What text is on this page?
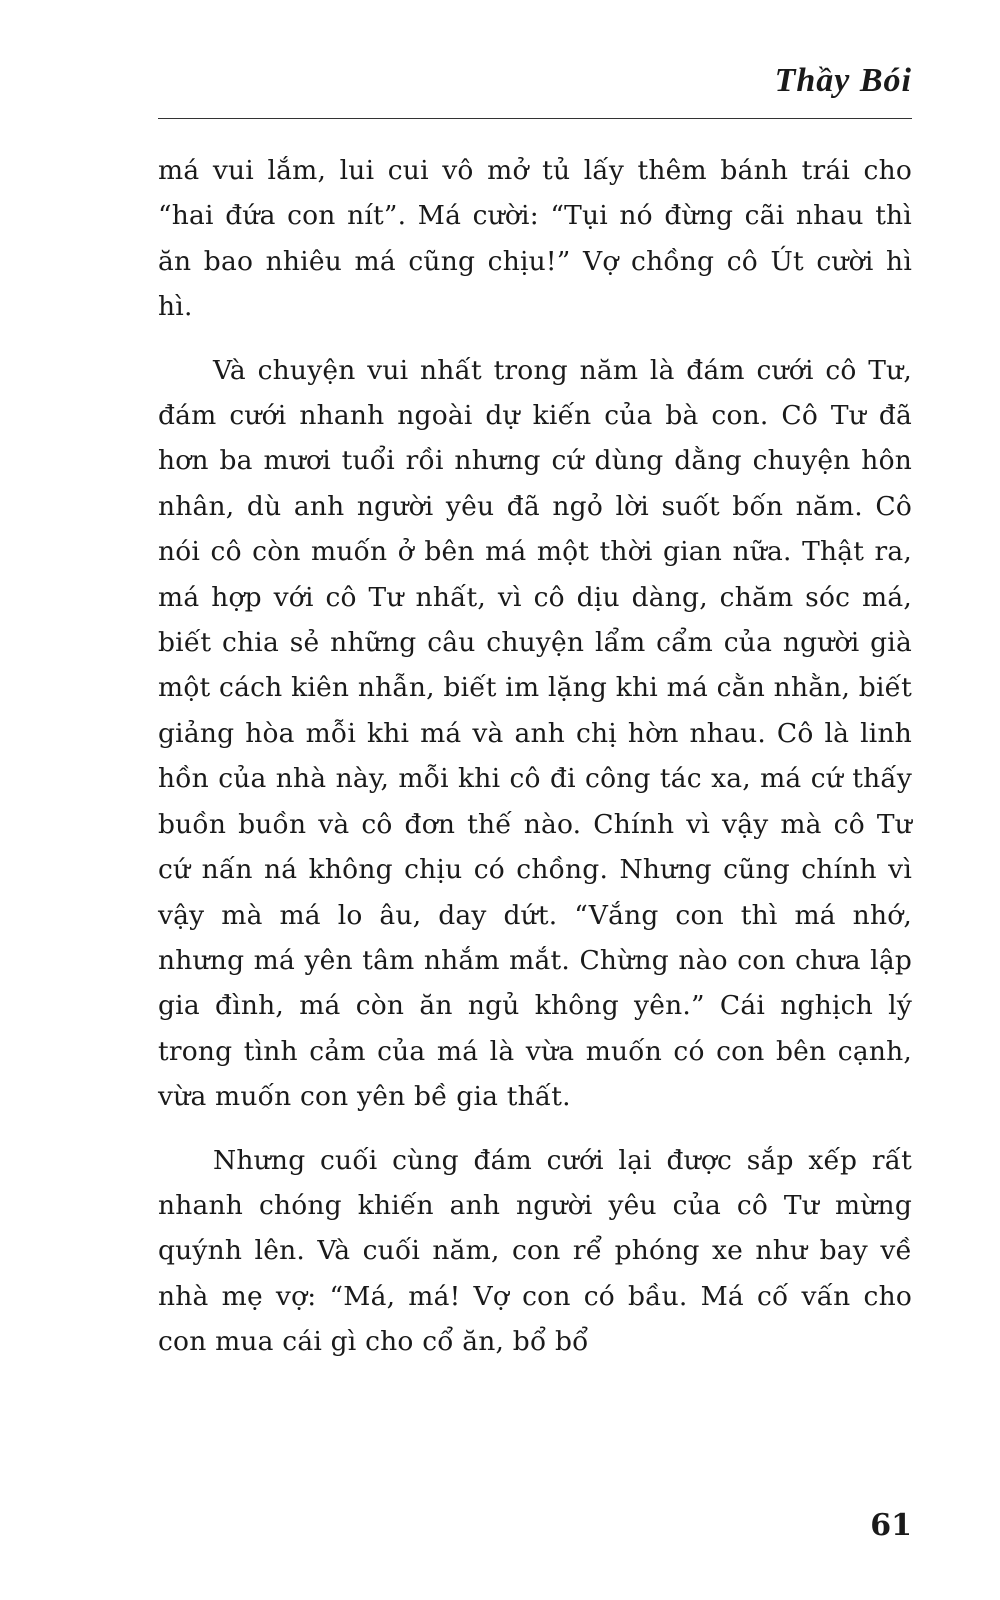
Thầy Bói

má vui lắm, lui cui vô mở tủ lấy thêm bánh trái cho “hai đứa con nít”. Má cười: “Tụi nó đừng cãi nhau thì ăn bao nhiêu má cũng chịu!” Vợ chồng cô Út cười hì hì.

Và chuyện vui nhất trong năm là đám cưới cô Tư, đám cưới nhanh ngoài dự kiến của bà con. Cô Tư đã hơn ba mươi tuổi rồi nhưng cứ dùng dằng chuyện hôn nhân, dù anh người yêu đã ngỏ lời suốt bốn năm. Cô nói cô còn muốn ở bên má một thời gian nữa. Thật ra, má hợp với cô Tư nhất, vì cô dịu dàng, chăm sóc má, biết chia sẻ những câu chuyện lẩm cẩm của người già một cách kiên nhẫn, biết im lặng khi má cằn nhằn, biết giảng hòa mỗi khi má và anh chị hờn nhau. Cô là linh hồn của nhà này, mỗi khi cô đi công tác xa, má cứ thấy buồn buồn và cô đơn thế nào. Chính vì vậy mà cô Tư cứ nấn ná không chịu có chồng. Nhưng cũng chính vì vậy mà má lo âu, day dứt. “Vắng con thì má nhớ, nhưng má yên tâm nhắm mắt. Chừng nào con chưa lập gia đình, má còn ăn ngủ không yên.” Cái nghịch lý trong tình cảm của má là vừa muốn có con bên cạnh, vừa muốn con yên bề gia thất.

Nhưng cuối cùng đám cưới lại được sắp xếp rất nhanh chóng khiến anh người yêu của cô Tư mừng quýnh lên. Và cuối năm, con rể phóng xe như bay về nhà mẹ vợ: “Má, má! Vợ con có bầu. Má cố vấn cho con mua cái gì cho cổ ăn, bổ bổ

61
